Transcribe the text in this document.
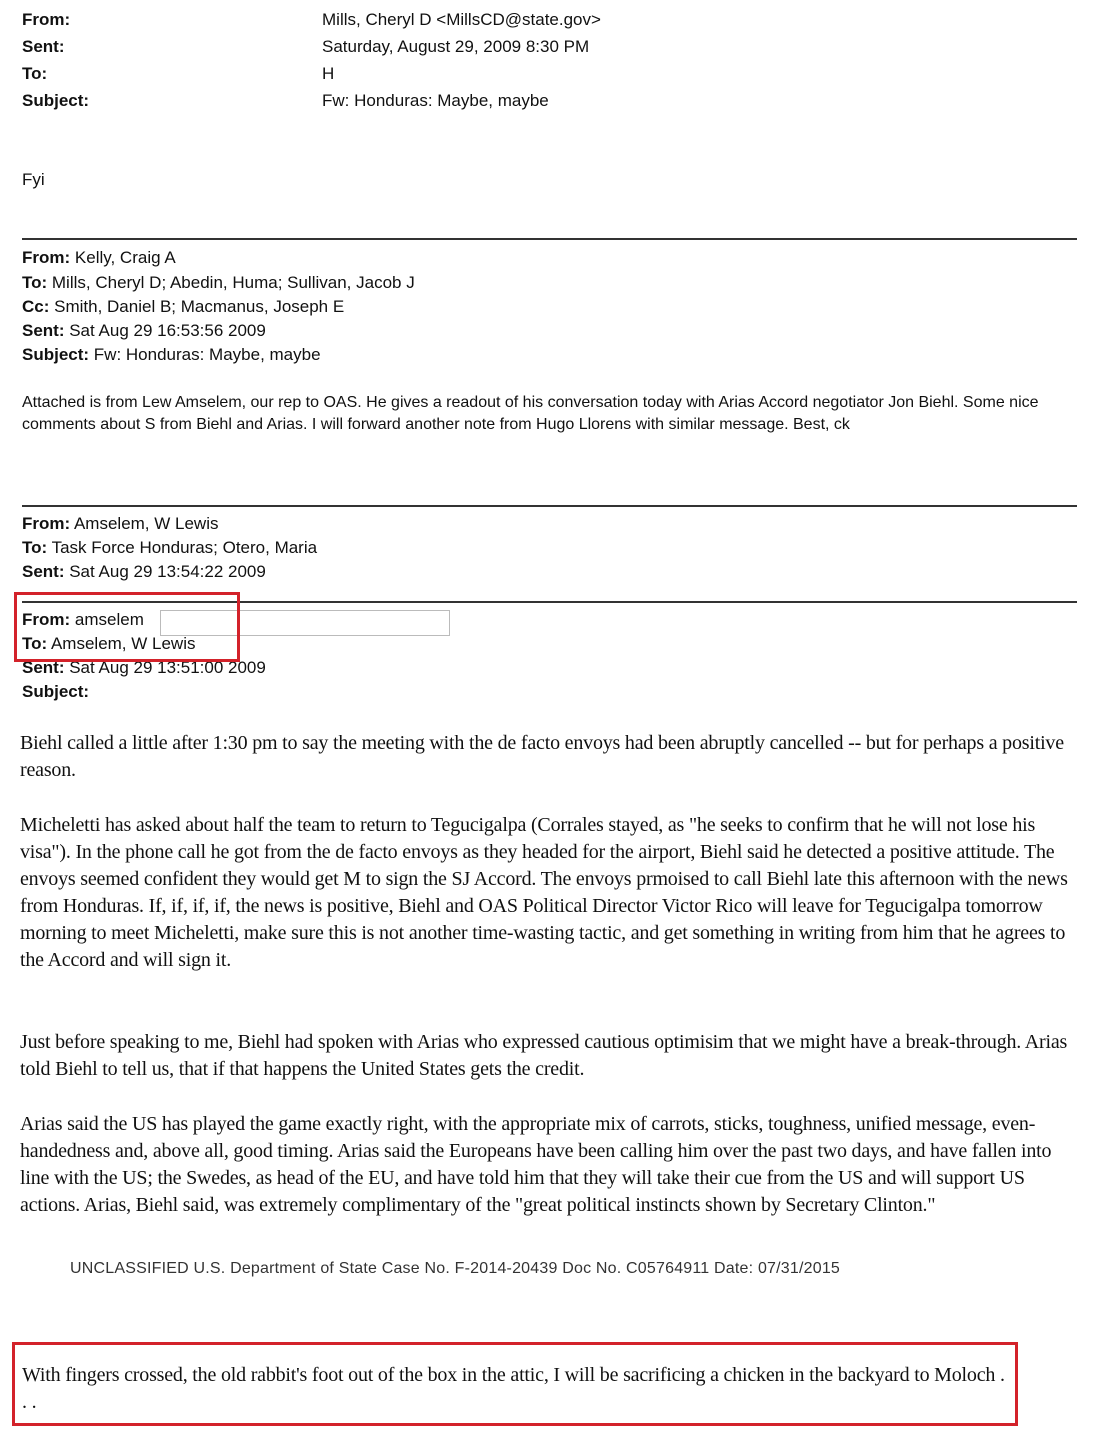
From:	Mills, Cheryl D <MillsCD@state.gov>
Sent:	Saturday, August 29, 2009 8:30 PM
To:	H
Subject:	Fw: Honduras: Maybe, maybe
Fyi
From: Kelly, Craig A
To: Mills, Cheryl D; Abedin, Huma; Sullivan, Jacob J
Cc: Smith, Daniel B; Macmanus, Joseph E
Sent: Sat Aug 29 16:53:56 2009
Subject: Fw: Honduras: Maybe, maybe
Attached is from Lew Amselem, our rep to OAS. He gives a readout of his conversation today with Arias Accord negotiator Jon Biehl. Some nice comments about S from Biehl and Arias. I will forward another note from Hugo Llorens with similar message. Best, ck
From: Amselem, W Lewis
To: Task Force Honduras; Otero, Maria
Sent: Sat Aug 29 13:54:22 2009
From: amselem
To: Amselem, W Lewis
Sent: Sat Aug 29 13:51:00 2009
Subject:
Biehl called a little after 1:30 pm to say the meeting with the de facto envoys had been abruptly cancelled -- but for perhaps a positive reason.
Micheletti has asked about half the team to return to Tegucigalpa (Corrales stayed, as "he seeks to confirm that he will not lose his visa"). In the phone call he got from the de facto envoys as they headed for the airport, Biehl said he detected a positive attitude. The envoys seemed confident they would get M to sign the SJ Accord. The envoys prmoised to call Biehl late this afternoon with the news from Honduras. If, if, if, if, the news is positive, Biehl and OAS Political Director Victor Rico will leave for Tegucigalpa tomorrow morning to meet Micheletti, make sure this is not another time-wasting tactic, and get something in writing from him that he agrees to the Accord and will sign it.
Just before speaking to me, Biehl had spoken with Arias who expressed cautious optimisim that we might have a break-through. Arias told Biehl to tell us, that if that happens the United States gets the credit.
Arias said the US has played the game exactly right, with the appropriate mix of carrots, sticks, toughness, unified message, even-handedness and, above all, good timing. Arias said the Europeans have been calling him over the past two days, and have fallen into line with the US; the Swedes, as head of the EU, and have told him that they will take their cue from the US and will support US actions. Arias, Biehl said, was extremely complimentary of the "great political instincts shown by Secretary Clinton."
UNCLASSIFIED U.S. Department of State Case No. F-2014-20439 Doc No. C05764911 Date: 07/31/2015
With fingers crossed, the old rabbit's foot out of the box in the attic, I will be sacrificing a chicken in the backyard to Moloch . . .
